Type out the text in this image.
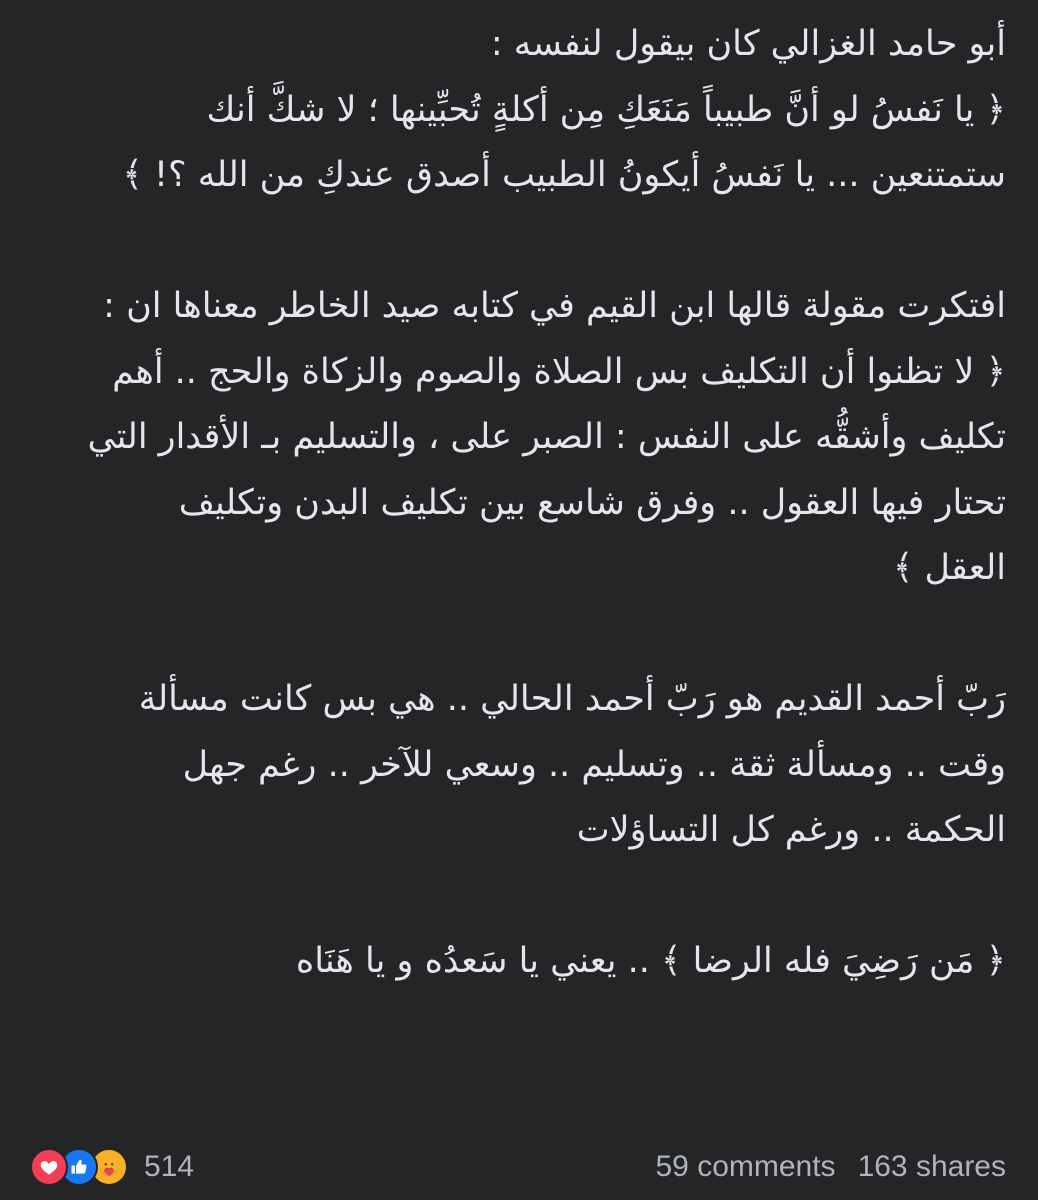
أبو حامد الغزالي كان بيقول لنفسه :

﴿ يا نَفسُ لو أنَّ طبيباً مَنَعَكِ مِن أكلةٍ تُحبِّينها ؛ لا شكَّ أنك

ستمتنعين ... يا نَفسُ أيكونُ الطبيب أصدق عندكِ من الله ؟! ﴾

افتكرت مقولة قالها ابن القيم في كتابه صيد الخاطر معناها ان :

﴿ لا تظنوا أن التكليف بس الصلاة والصوم والزكاة والحج .. أهم

تكليف وأشقُّه على النفس : الصبر على ، والتسليم بـ الأقدار التي

تحتار فيها العقول .. وفرق شاسع بين تكليف البدن وتكليف

العقل ﴾

رَبّ أحمد القديم هو رَبّ أحمد الحالي .. هي بس كانت مسألة

وقت .. ومسألة ثقة .. وتسليم .. وسعي للآخر .. رغم جهل

الحكمة .. ورغم كل التساؤلات

﴿ مَن رَضِيَ فله الرضا ﴾ .. يعني يا سَعدُه و يا هَنَاه

514	59 comments 163 shares
